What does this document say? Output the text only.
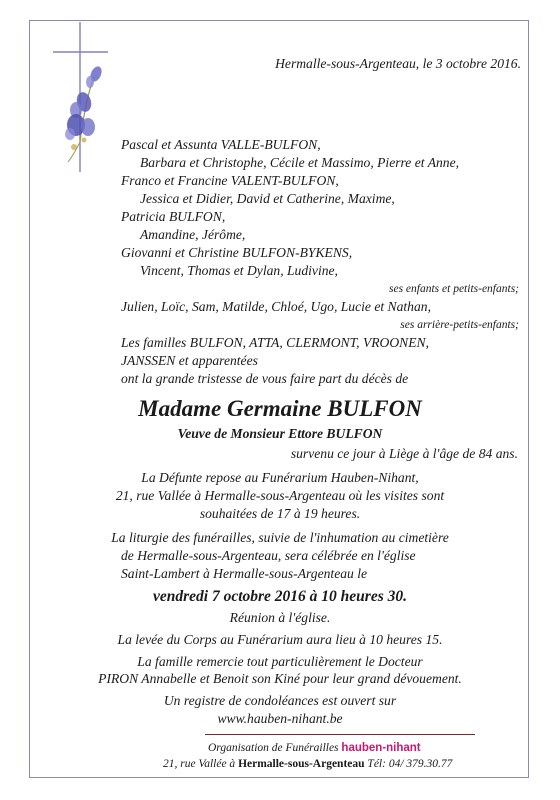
Hermalle-sous-Argenteau, le 3 octobre 2016.
Pascal et Assunta VALLE-BULFON,
Barbara et Christophe, Cécile et Massimo, Pierre et Anne,
Franco et Francine VALENT-BULFON,
Jessica et Didier, David et Catherine, Maxime,
Patricia BULFON,
Amandine, Jérôme,
Giovanni et Christine BULFON-BYKENS,
Vincent, Thomas et Dylan, Ludivine,
ses enfants et petits-enfants;
Julien, Loïc, Sam, Matilde, Chloé, Ugo, Lucie et Nathan,
ses arrière-petits-enfants;
Les familles BULFON, ATTA, CLERMONT, VROONEN,
JANSSEN et apparentées
ont la grande tristesse de vous faire part du décès de
Madame Germaine BULFON
Veuve de Monsieur Ettore BULFON
survenu ce jour à Liège à l'âge de 84 ans.
La Défunte repose au Funérarium Hauben-Nihant,
21, rue Vallée à Hermalle-sous-Argenteau où les visites sont
souhaitées de 17 à 19 heures.
La liturgie des funérailles, suivie de l'inhumation au cimetière
de Hermalle-sous-Argenteau, sera célébrée en l'église
Saint-Lambert à Hermalle-sous-Argenteau le
vendredi 7 octobre 2016 à 10 heures 30.
Réunion à l'église.
La levée du Corps au Funérarium aura lieu à 10 heures 15.
La famille remercie tout particulièrement le Docteur
PIRON Annabelle et Benoit son Kiné pour leur grand dévouement.
Un registre de condoléances est ouvert sur
www.hauben-nihant.be
Organisation de Funérailles hauben-nihant
21, rue Vallée à Hermalle-sous-Argenteau Tél: 04/ 379.30.77
